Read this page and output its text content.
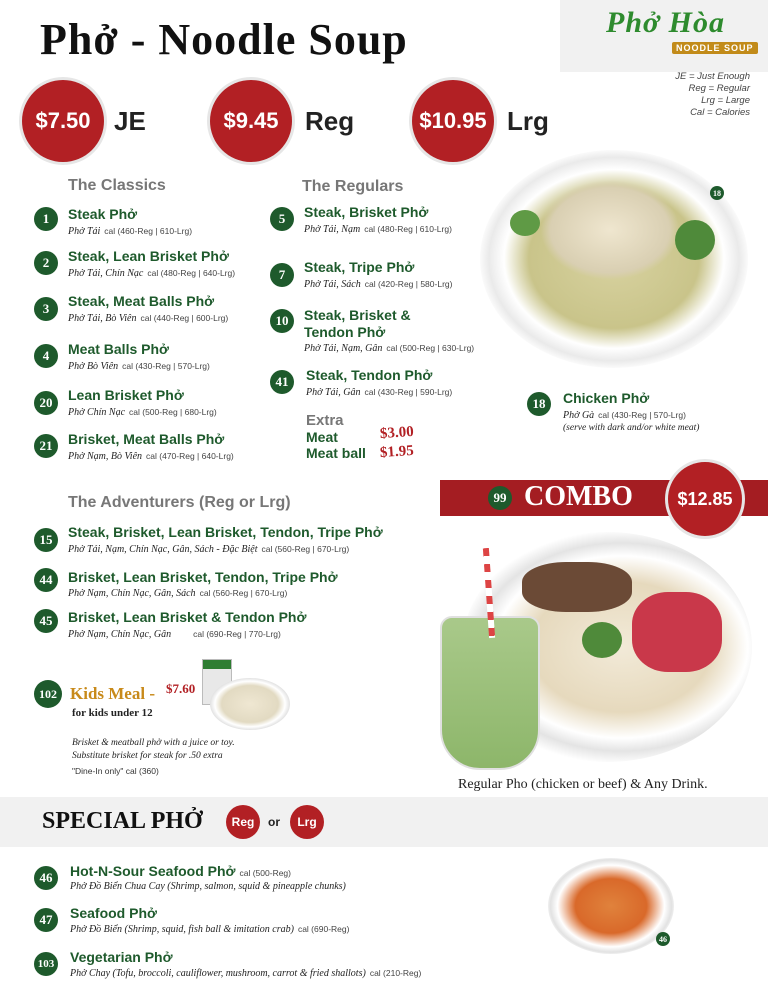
Phở - Noodle Soup	Phở Hòa
NOODLE SOUP
JE = Just Enough
Reg = Regular
Lrg = Large
Cal = Calories
$7.50 JE	$9.45	Reg	$10.95 Lrg
18
The Classics
1	Steak Phở
Phở Tái cal (460-Reg | 610-Lrg)
2	Steak, Lean Brisket Phở
Phở Tái, Chín Nạc cal (480-Reg | 640-Lrg)
3	Steak, Meat Balls Phở
Phở Tái, Bò Viên cal (440-Reg | 600-Lrg)
4	Meat Balls Phở
Phở Bò Viên cal (430-Reg | 570-Lrg)
20	Lean Brisket Phở
Phở Chín Nạc cal (500-Reg | 680-Lrg)
21	Brisket, Meat Balls Phở
Phở Nạm, Bò Viên cal (470-Reg | 640-Lrg)
The Regulars
5	Steak, Brisket Phở
Phở Tái, Nạm cal (480-Reg | 610-Lrg)
7	Steak, Tripe Phở
Phở Tái, Sách cal (420-Reg | 580-Lrg)
10	Steak, Brisket &
Tendon Phở
Phở Tái, Nạm, Gân cal (500-Reg | 630-Lrg)
41	Steak, Tendon Phở
Phở Tái, Gân cal (430-Reg | 590-Lrg)
Extra
Meat	$3.00
Meat ball $1.95
18	Chicken Phở
Phở Gà cal (430-Reg | 570-Lrg)
(serve with dark and/or white meat)
The Adventurers (Reg or Lrg)
15	Steak, Brisket, Lean Brisket, Tendon, Tripe Phở
Phở Tái, Nạm, Chín Nạc, Gân, Sách - Đặc Biệt cal (560-Reg | 670-Lrg)
44	Brisket, Lean Brisket, Tendon, Tripe Phở
Phở Nạm, Chín Nạc, Gân, Sách cal (560-Reg | 670-Lrg)
45	Brisket, Lean Brisket & Tendon Phở
Phở Nạm, Chín Nạc, Gân	cal (690-Reg | 770-Lrg)
102 Kids Meal - $7.60
for kids under 12
Brisket & meatball phở with a juice or toy.
Substitute brisket for steak for .50 extra
"Dine-In only" cal (360)
99 COMBO	$12.85
Regular Pho (chicken or beef) & Any Drink.
SPECIAL PHỞ	Reg	or	Lrg
46	Hot-N-Sour Seafood Phở cal (500-Reg)
Phở Đồ Biển Chua Cay (Shrimp, salmon, squid & pineapple chunks)
47	Seafood Phở
Phở Đồ Biển (Shrimp, squid, fish ball & imitation crab) cal (690-Reg)
103 Vegetarian Phở
Phở Chay (Tofu, broccoli, cauliflower, mushroom, carrot & fried shallots) cal (210-Reg)
46
